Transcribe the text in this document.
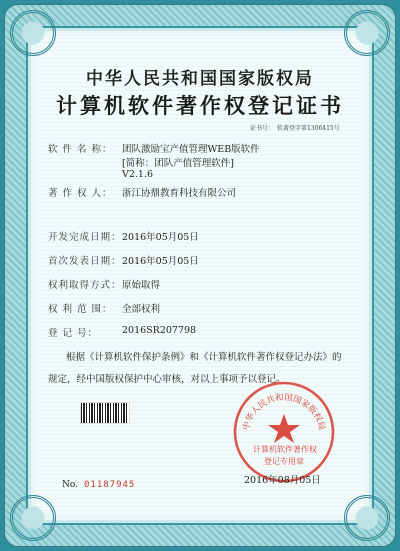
中华人民共和国国家版权局
计算机软件著作权登记证书
证书号： 软著登字第1306415号
软 件 名 称： 团队激励宝产值管理WEB版软件
[简称：团队产值管理软件]
V2.1.6
著 作 权 人： 浙江协鼎教育科技有限公司
开发完成日期： 2016年05月05日
首次发表日期： 2016年05月05日
权利取得方式： 原始取得
权 利 范 围： 全部权利
登 记 号：	2016SR207798
根据《计算机软件保护条例》和《计算机软件著作权登记办法》的
规定，经中国版权保护中心审核，对以上事项予以登记。
No. 01187945
中华人民共和国国家版权局
计算机软件著作权
登记专用章
2016年08月05日
